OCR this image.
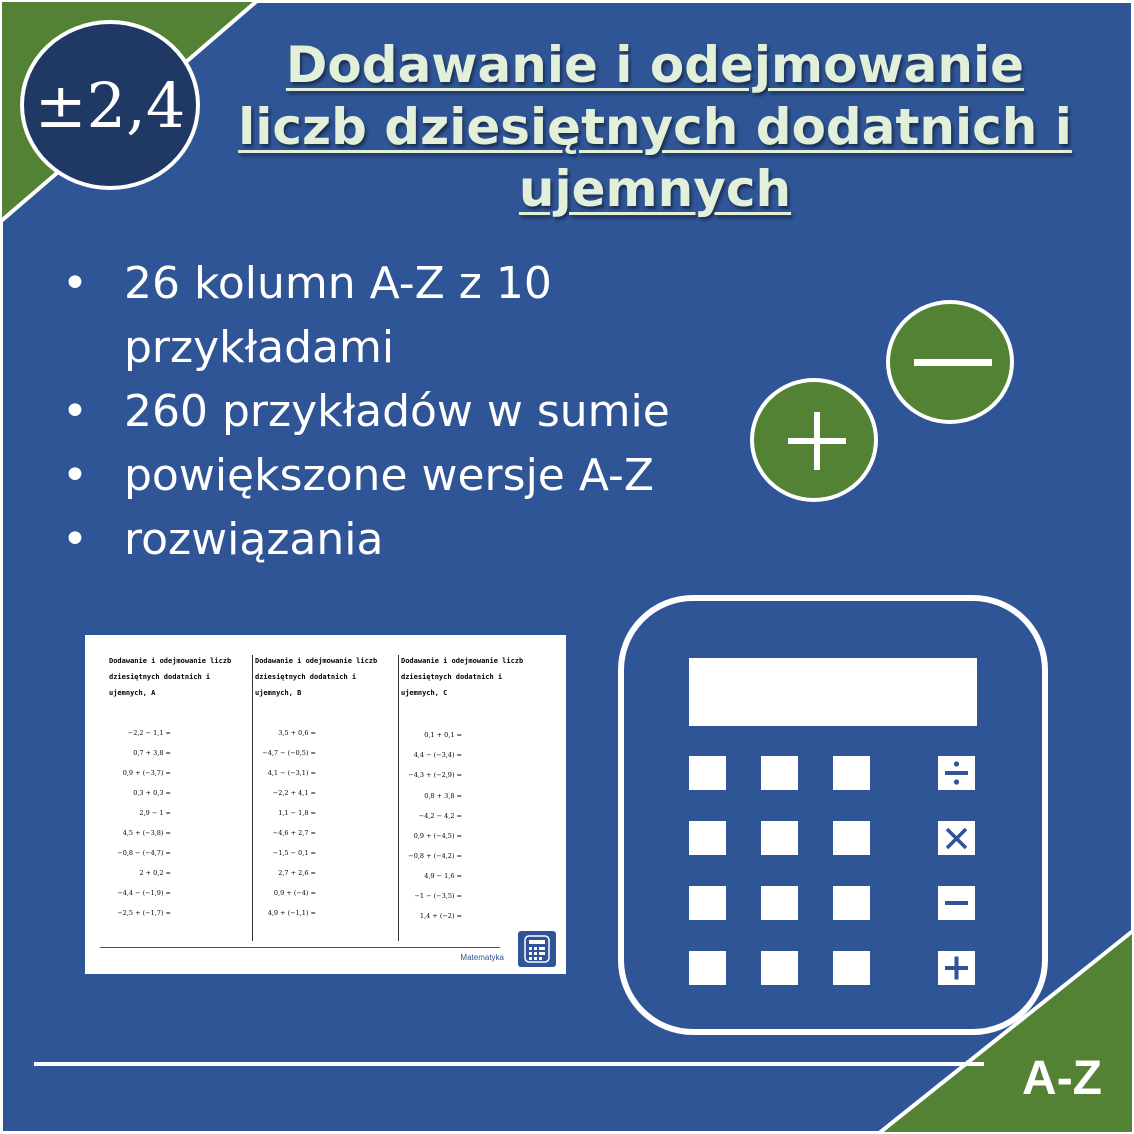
±2,4
Dodawanie i odejmowanie liczb dziesiętnych dodatnich i ujemnych
• 26 kolumn A-Z z 10 przykładami
• 260 przykładów w sumie
• powiększone wersje A-Z
• rozwiązania
Dodawanie i odejmowanie liczb
dziesiętnych dodatnich i
ujemnych, A
Dodawanie i odejmowanie liczb
dziesiętnych dodatnich i
ujemnych, B
Dodawanie i odejmowanie liczb
dziesiętnych dodatnich i
ujemnych, C
−2,2 − 1,1 =
0,7 + 3,8 =
0,9 + (−3,7) =
0,3 + 0,3 =
2,9 − 1 =
4,5 + (−3,8) =
−0,8 − (−4,7) =
2 + 0,2 =
−4,4 − (−1,9) =
−2,5 + (−1,7) =
3,5 + 0,6 =
−4,7 − (−0,5) =
4,1 − (−3,1) =
−2,2 + 4,1 =
1,1 − 1,8 =
−4,6 + 2,7 =
−1,5 − 0,1 =
2,7 + 2,6 =
0,9 + (−4) =
4,9 + (−1,1) =
0,1 + 0,1 =
4,4 − (−3,4) =
−4,3 + (−2,9) =
0,8 + 3,8 =
−4,2 − 4,2 =
0,9 + (−4,5) =
−0,8 + (−4,2) =
4,9 − 1,6 =
−1 − (−3,5) =
1,4 + (−2) =
Matematyka
A-Z
